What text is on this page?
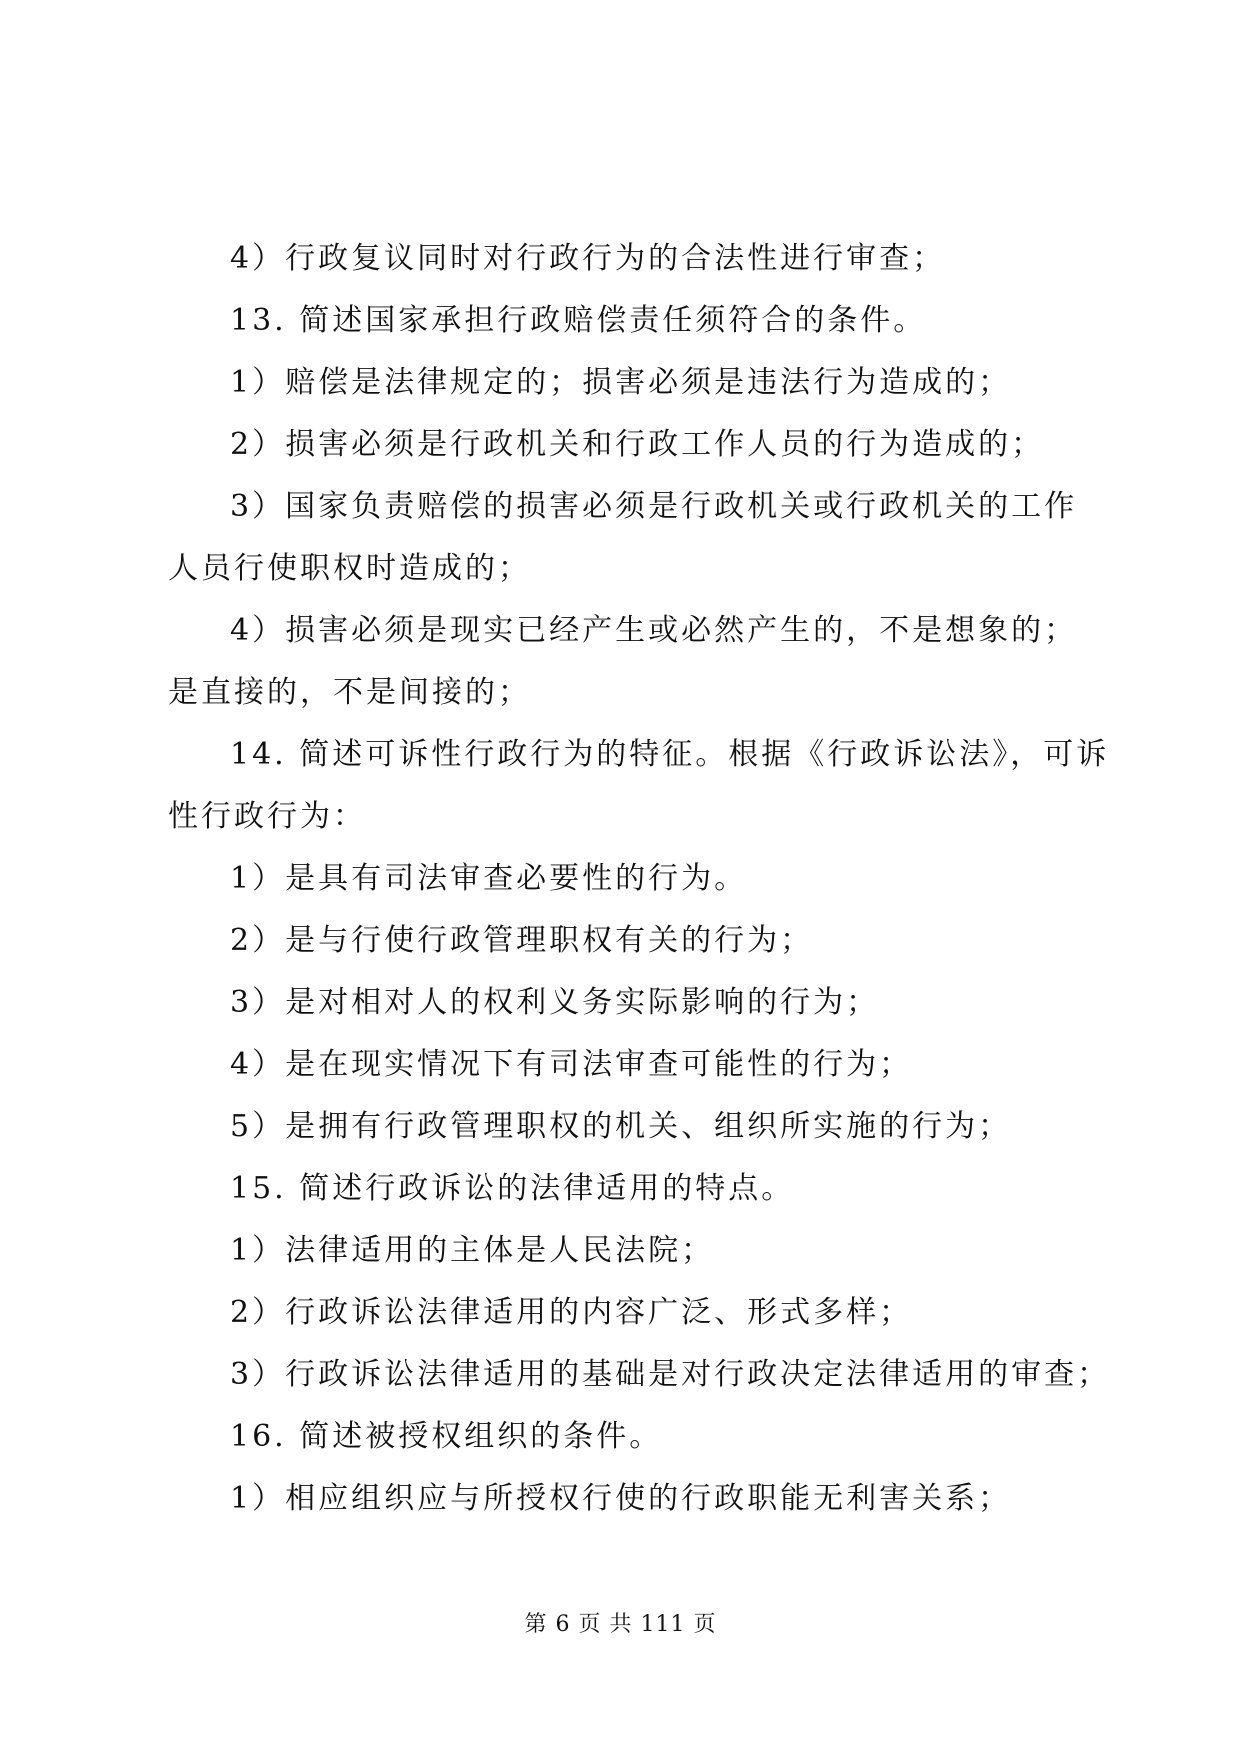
4）行政复议同时对行政行为的合法性进行审查；
13. 简述国家承担行政赔偿责任须符合的条件。
1）赔偿是法律规定的；损害必须是违法行为造成的；
2）损害必须是行政机关和行政工作人员的行为造成的；
3）国家负责赔偿的损害必须是行政机关或行政机关的工作
人员行使职权时造成的；
4）损害必须是现实已经产生或必然产生的，不是想象的；
是直接的，不是间接的；
14. 简述可诉性行政行为的特征。根据《行政诉讼法》，可诉
性行政行为：
1）是具有司法审查必要性的行为。
2）是与行使行政管理职权有关的行为；
3）是对相对人的权利义务实际影响的行为；
4）是在现实情况下有司法审查可能性的行为；
5）是拥有行政管理职权的机关、组织所实施的行为；
15. 简述行政诉讼的法律适用的特点。
1）法律适用的主体是人民法院；
2）行政诉讼法律适用的内容广泛、形式多样；
3）行政诉讼法律适用的基础是对行政决定法律适用的审查；
16. 简述被授权组织的条件。
1）相应组织应与所授权行使的行政职能无利害关系；
第 6 页 共 111 页
